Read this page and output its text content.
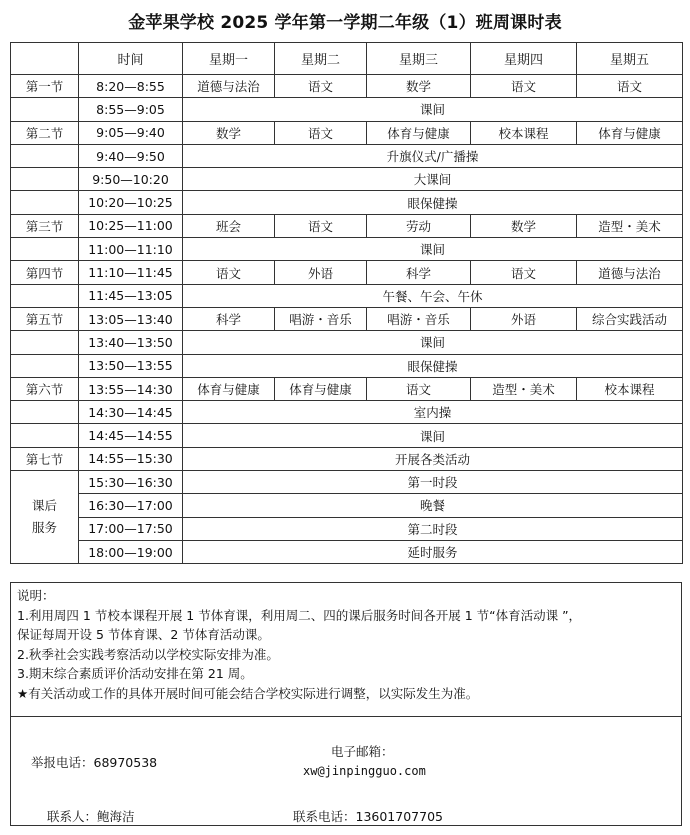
金苹果学校 2025 学年第一学期二年级（1）班周课时表
	时间	星期一	星期二	星期三	星期四	星期五
第一节	8:20—8:55	道德与法治	语文	数学	语文	语文
	8:55—9:05	课间				
第二节	9:05—9:40	数学	语文	体育与健康	校本课程	体育与健康
	9:40—9:50	升旗仪式/广播操				
	9:50—10:20	大课间				
	10:20—10:25	眼保健操				
第三节	10:25—11:00	班会	语文	劳动	数学	造型・美术
	11:00—11:10	课间				
第四节	11:10—11:45	语文	外语	科学	语文	道德与法治
	11:45—13:05	午餐、午会、午休				
第五节	13:05—13:40	科学	唱游・音乐	唱游・音乐	外语	综合实践活动
	13:40—13:50	课间				
	13:50—13:55	眼保健操				
第六节	13:55—14:30	体育与健康	体育与健康	语文	造型・美术	校本课程
	14:30—14:45	室内操				
	14:45—14:55	课间				
第七节	14:55—15:30	开展各类活动				
课后服务	15:30—16:30	第一时段				
	16:30—17:00	晚餐				
	17:00—17:50	第二时段				
	18:00—19:00	延时服务				
说明：
1.利用周四 1 节校本课程开展 1 节体育课，利用周二、四的课后服务时间各开展 1 节“体育活动课 ”，
保证每周开设 5 节体育课、2 节体育活动课。
2.秋季社会实践考察活动以学校实际安排为准。
3.期末综合素质评价活动安排在第 21 周。
★有关活动或工作的具体开展时间可能会结合学校实际进行调整，以实际发生为准。
举报电话：68970538
电子邮箱：
xw@jinpingguo.com
联系人：鲍海洁	联系电话：13601707705
